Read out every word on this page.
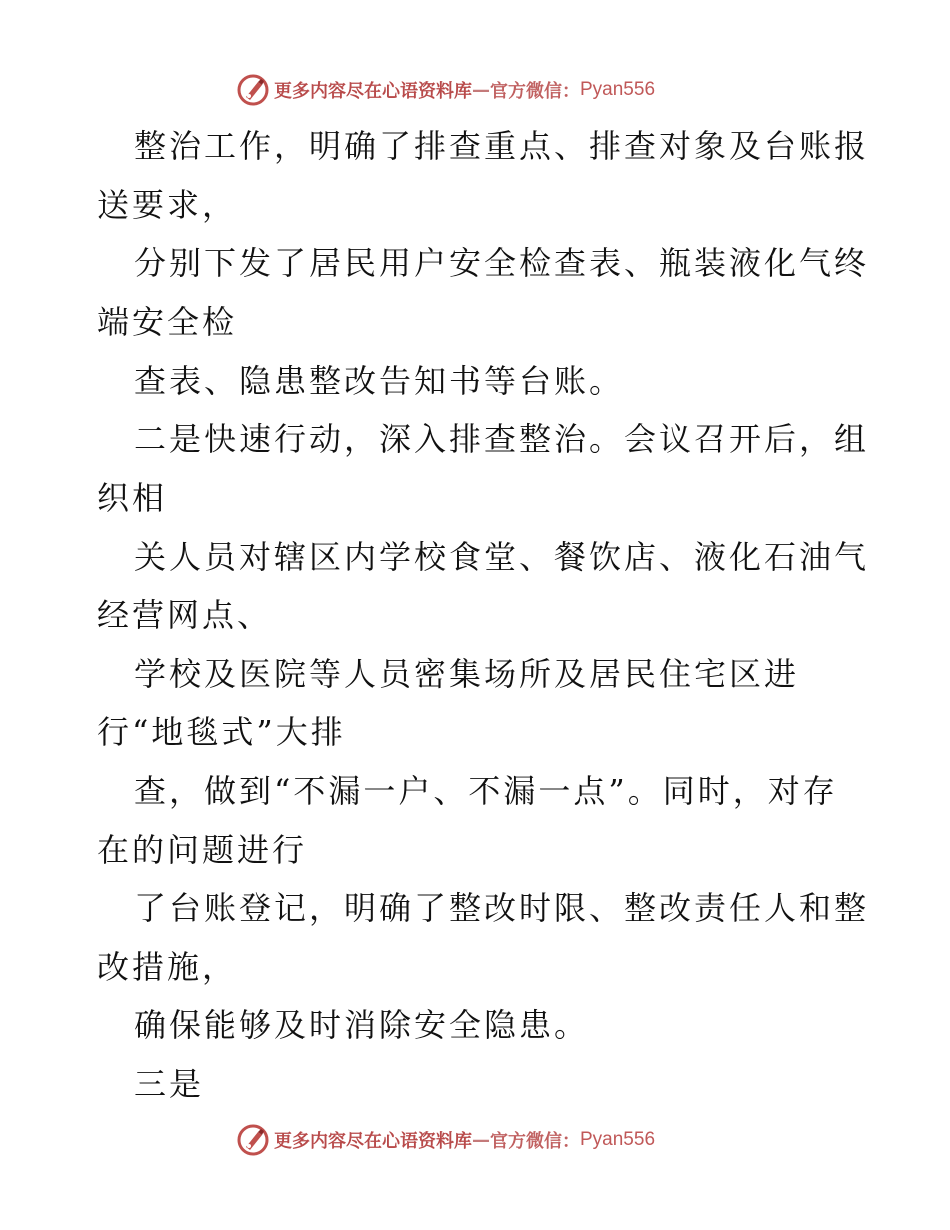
更多内容尽在心语资料库 — 官方微信： Pyan556
整治工作，明确了排查重点、排查对象及台账报
送要求，
分别下发了居民用户安全检查表、瓶装液化气终
端安全检
查表、隐患整改告知书等台账。
二是快速行动，深入排查整治。会议召开后，组
织相
关人员对辖区内学校食堂、餐饮店、液化石油气
经营网点、
学校及医院等人员密集场所及居民住宅区进
行“地毯式”大排
查，做到“不漏一户、不漏一点”。同时，对存
在的问题进行
了台账登记，明确了整改时限、整改责任人和整
改措施，
确保能够及时消除安全隐患。
三是
更多内容尽在心语资料库 — 官方微信： Pyan556
